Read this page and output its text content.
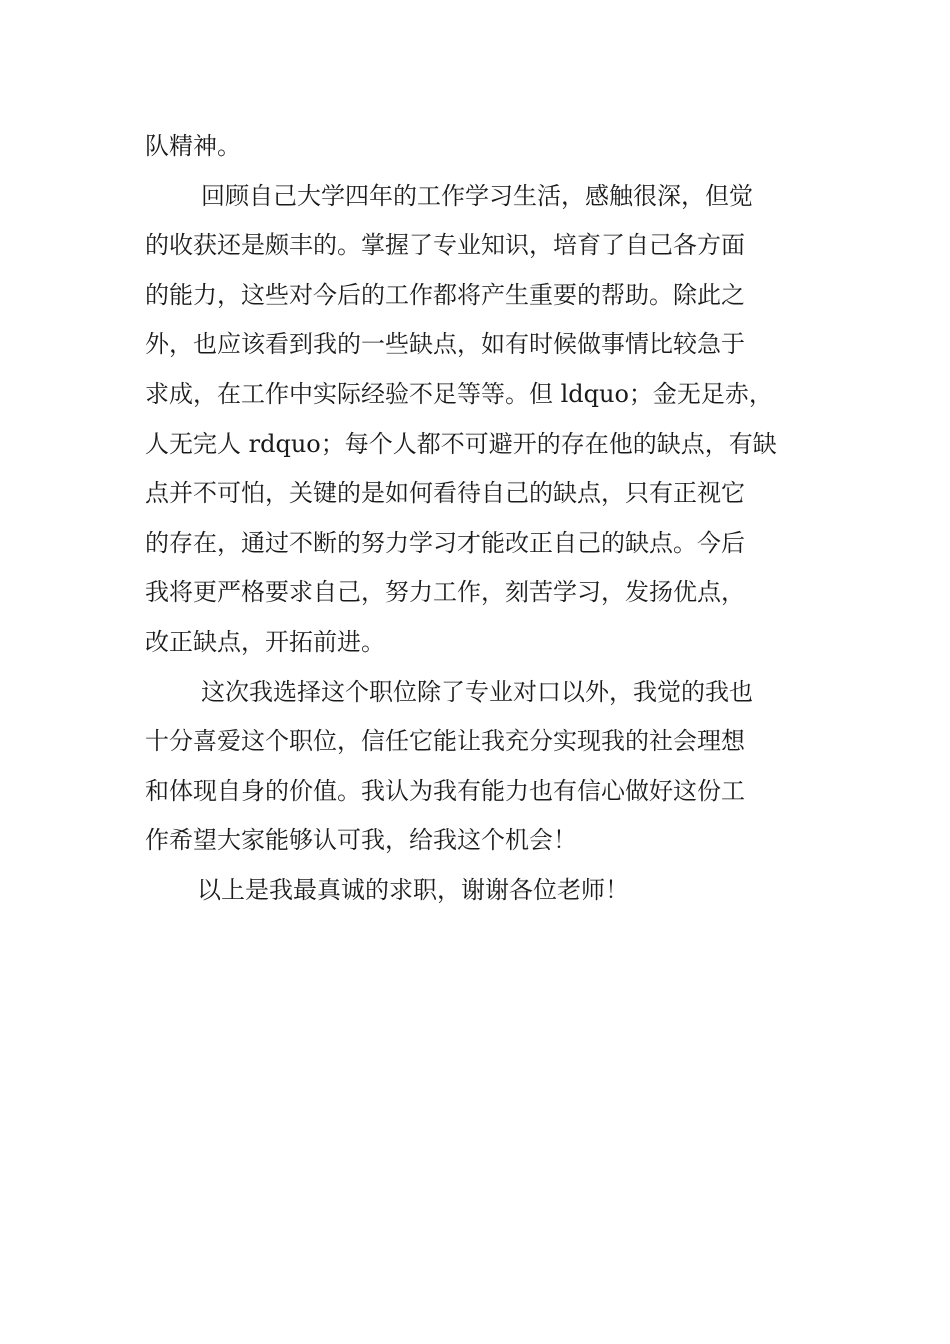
队精神。
回顾自己大学四年的工作学习生活，感触很深，但觉
的收获还是颇丰的。掌握了专业知识，培育了自己各方面
的能力，这些对今后的工作都将产生重要的帮助。除此之
外，也应该看到我的一些缺点，如有时候做事情比较急于
求成，在工作中实际经验不足等等。但 ldquo；金无足赤，
人无完人 rdquo；每个人都不可避开的存在他的缺点，有缺
点并不可怕，关键的是如何看待自己的缺点，只有正视它
的存在，通过不断的努力学习才能改正自己的缺点。今后
我将更严格要求自己，努力工作，刻苦学习，发扬优点，
改正缺点，开拓前进。
这次我选择这个职位除了专业对口以外，我觉的我也
十分喜爱这个职位，信任它能让我充分实现我的社会理想
和体现自身的价值。我认为我有能力也有信心做好这份工
作希望大家能够认可我，给我这个机会！
以上是我最真诚的求职，谢谢各位老师！
